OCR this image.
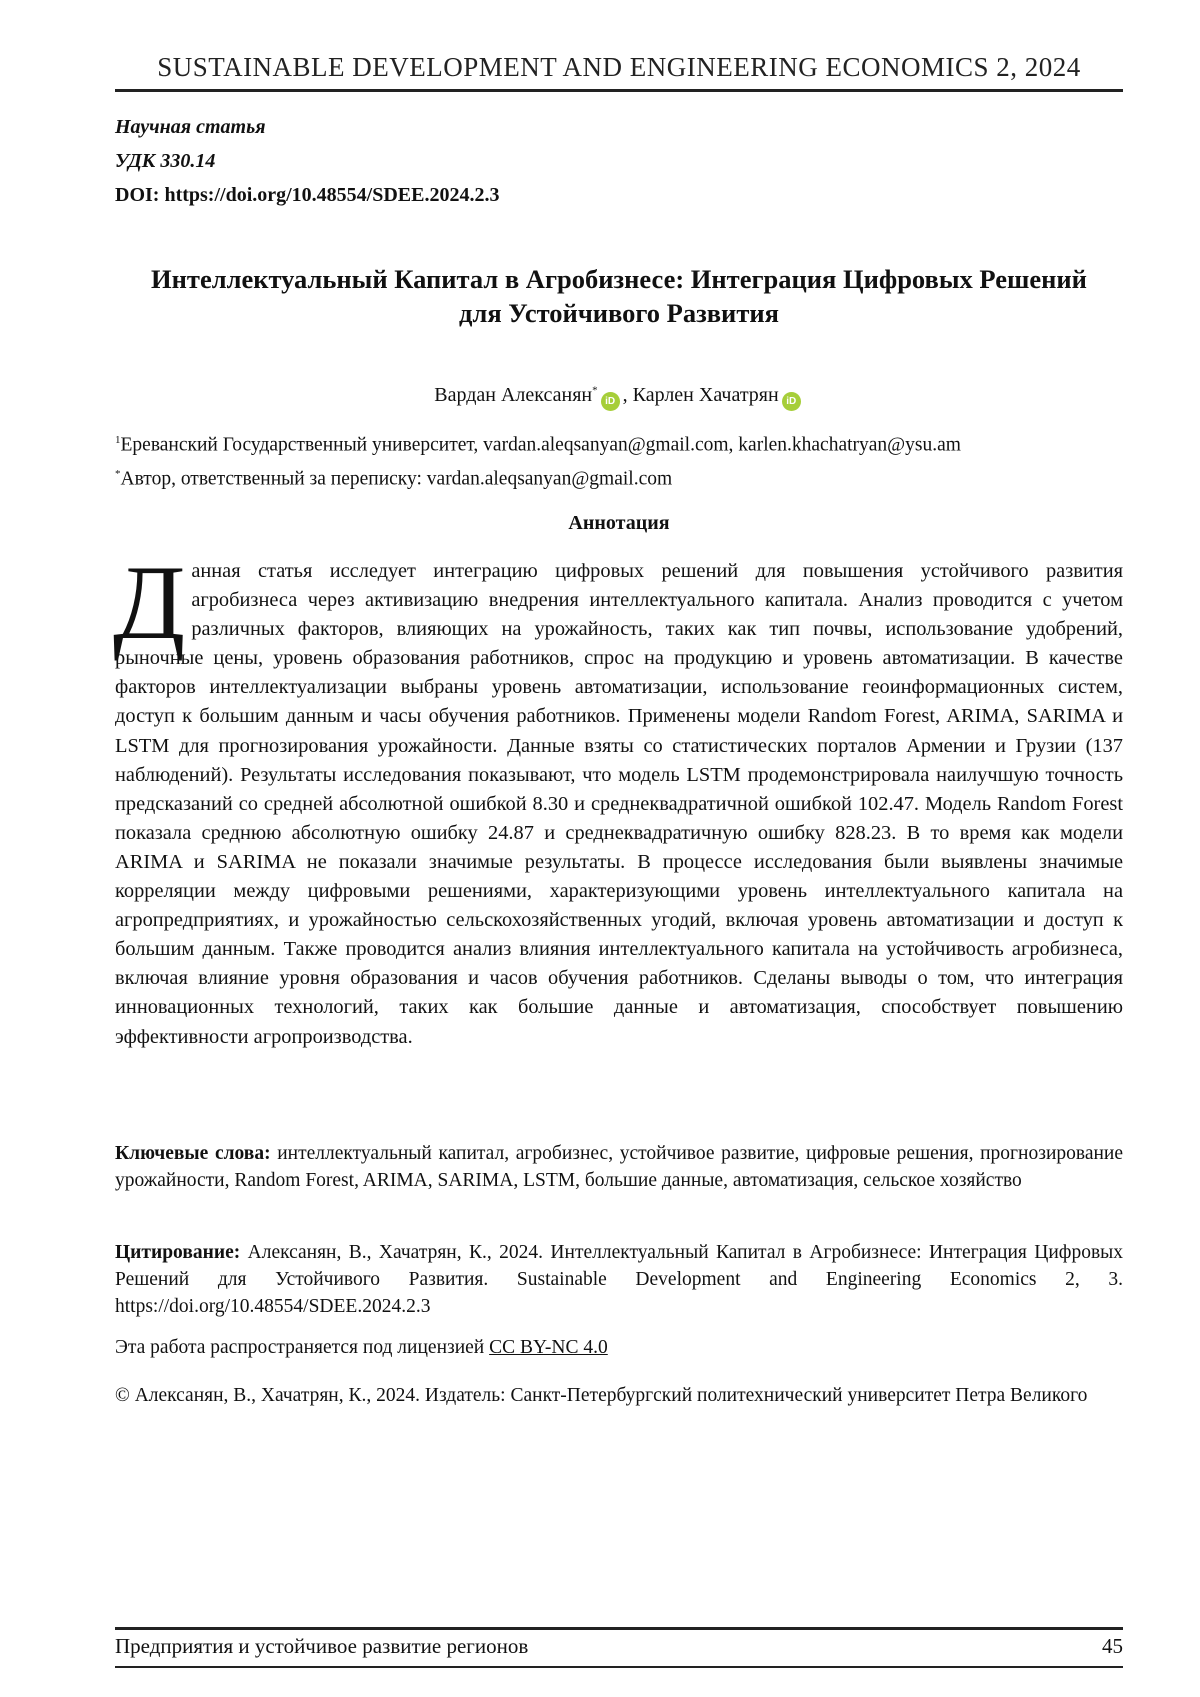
SUSTAINABLE DEVELOPMENT AND ENGINEERING ECONOMICS 2, 2024
Научная статья
УДК 330.14
DOI: https://doi.org/10.48554/SDEE.2024.2.3
Интеллектуальный Капитал в Агробизнесе: Интеграция Цифровых Решений
для Устойчивого Развития
Вардан Алексанян*iD , Карлен Хачатрян iD
$^1$Ереванский Государственный университет, vardan.aleqsanyan@gmail.com, karlen.khachatryan@ysu.am
*Автор, ответственный за переписку: vardan.aleqsanyan@gmail.com
Аннотация
Данная статья исследует интеграцию цифровых решений для повышения устойчивого развития агробизнеса через активизацию внедрения интеллектуального капитала. Анализ проводится с учетом различных факторов, влияющих на урожайность, таких как тип почвы, использование удобрений, рыночные цены, уровень образования работников, спрос на продукцию и уровень автоматизации. В качестве факторов интеллектуализации выбраны уровень автоматизации, использование геоинформационных систем, доступ к большим данным и часы обучения работников. Применены модели Random Forest, ARIMA, SARIMA и LSTM для прогнозирования урожайности. Данные взяты со статистических порталов Армении и Грузии (137 наблюдений). Результаты исследования показывают, что модель LSTM продемонстрировала наилучшую точность предсказаний со средней абсолютной ошибкой 8.30 и среднеквадратичной ошибкой 102.47. Модель Random Forest показала среднюю абсолютную ошибку 24.87 и среднеквадратичную ошибку 828.23. В то время как модели ARIMA и SARIMA не показали значимые результаты. В процессе исследования были выявлены значимые корреляции между цифровыми решениями, характеризующими уровень интеллектуального капитала на агропредприятиях, и урожайностью сельскохозяйственных угодий, включая уровень автоматизации и доступ к большим данным. Также проводится анализ влияния интеллектуального капитала на устойчивость агробизнеса, включая влияние уровня образования и часов обучения работников. Сделаны выводы о том, что интеграция инновационных технологий, таких как большие данные и автоматизация, способствует повышению эффективности агропроизводства.
Ключевые слова: интеллектуальный капитал, агробизнес, устойчивое развитие, цифровые решения, прогнозирование урожайности, Random Forest, ARIMA, SARIMA, LSTM, большие данные, автоматизация, сельское хозяйство
Цитирование: Алексанян, В., Хачатрян, К., 2024. Интеллектуальный Капитал в Агробизнесе: Интеграция Цифровых Решений для Устойчивого Развития. Sustainable Development and Engineering Economics 2, 3. https://doi.org/10.48554/SDEE.2024.2.3
Эта работа распространяется под лицензией CC BY-NC 4.0
© Алексанян, В., Хачатрян, К., 2024. Издатель: Санкт-Петербургский политехнический университет Петра Великого
Предприятия и устойчивое развитие регионов	45
